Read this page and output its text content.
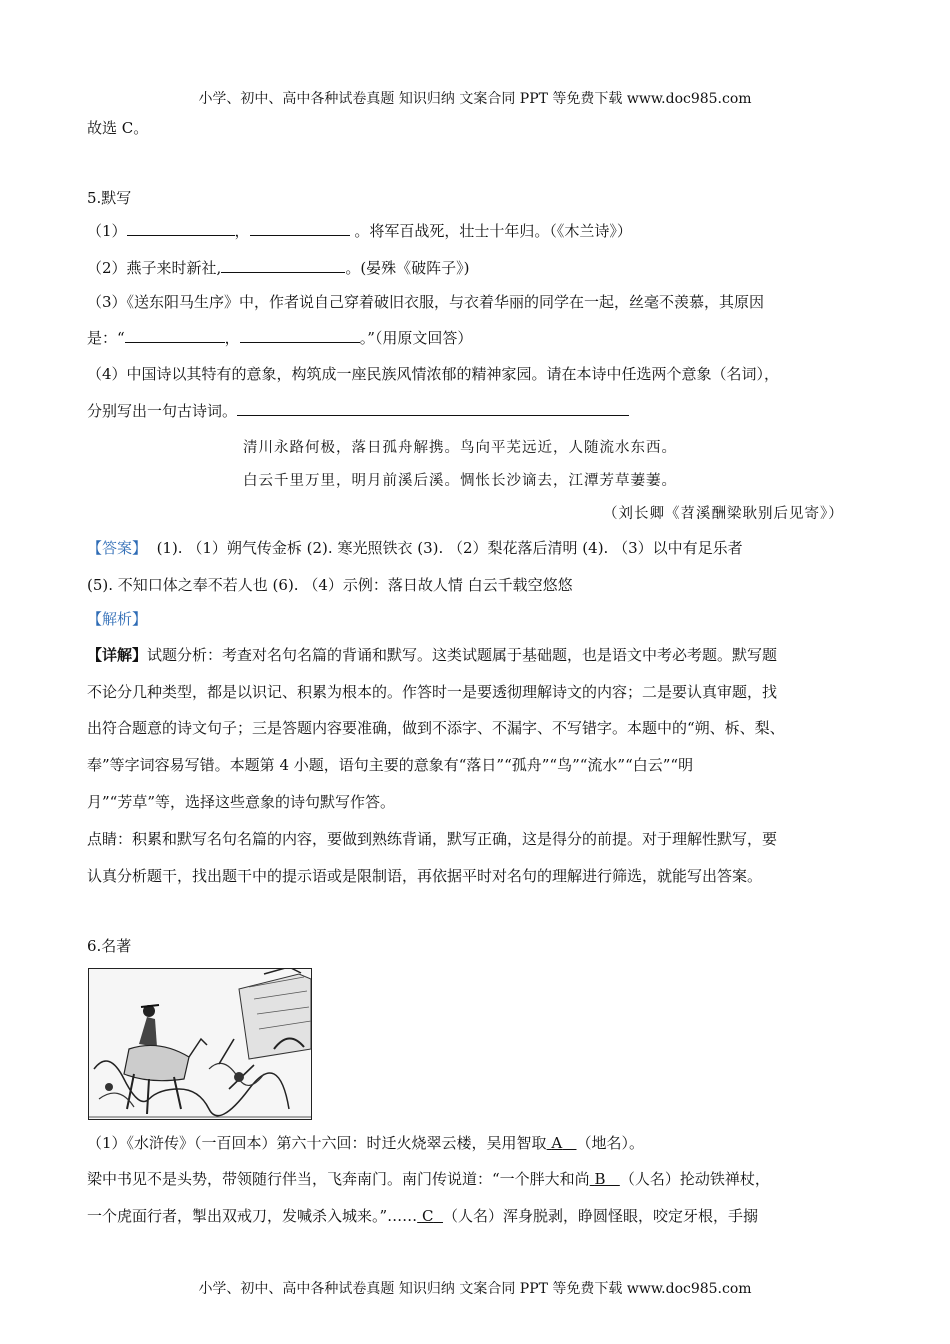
小学、初中、高中各种试卷真题 知识归纳 文案合同 PPT 等免费下载 www.doc985.com
小学、初中、高中各种试卷真题 知识归纳 文案合同 PPT 等免费下载 www.doc985.com
故选 C。
5.默写
（1）	，	。将军百战死，壮士十年归。（《木兰诗》）
（2）燕子来时新社,	。(晏殊《破阵子》)
（3）《送东阳马生序》中，作者说自己穿着破旧衣服，与衣着华丽的同学在一起，丝毫不羡慕，其原因
是：“	，	。”（用原文回答）
（4）中国诗以其特有的意象，构筑成一座民族风情浓郁的精神家园。请在本诗中任选两个意象（名词），
分别写出一句古诗词。
清川永路何极，落日孤舟解携。鸟向平芜远近，人随流水东西。
白云千里万里，明月前溪后溪。惆怅长沙谪去，江潭芳草萋萋。
（刘长卿《苕溪酬梁耿别后见寄》）
【答案】 (1). （1）朔气传金柝 (2). 寒光照铁衣 (3). （2）梨花落后清明 (4). （3）以中有足乐者
(5). 不知口体之奉不若人也 (6). （4）示例：落日故人情 白云千载空悠悠
【解析】
【详解】试题分析：考查对名句名篇的背诵和默写。这类试题属于基础题，也是语文中考必考题。默写题
不论分几种类型，都是以识记、积累为根本的。作答时一是要透彻理解诗文的内容；二是要认真审题，找
出符合题意的诗文句子；三是答题内容要准确，做到不添字、不漏字、不写错字。本题中的“朔、柝、梨、
奉”等字词容易写错。本题第 4 小题，语句主要的意象有“落日”“孤舟”“鸟”“流水”“白云”“明
月”“芳草”等，选择这些意象的诗句默写作答。
点睛：积累和默写名句名篇的内容，要做到熟练背诵，默写正确，这是得分的前提。对于理解性默写，要
认真分析题干，找出题干中的提示语或是限制语，再依据平时对名句的理解进行筛选，就能写出答案。
6.名著
（1）《水浒传》（一百回本）第六十六回：时迁火烧翠云楼，吴用智取 A （地名）。
梁中书见不是头势，带领随行伴当，飞奔南门。南门传说道：“一个胖大和尚 B （人名）抡动铁禅杖，
一个虎面行者，掣出双戒刀，发喊杀入城来。”…… C （人名）浑身脱剥，睁圆怪眼，咬定牙根，手搦
